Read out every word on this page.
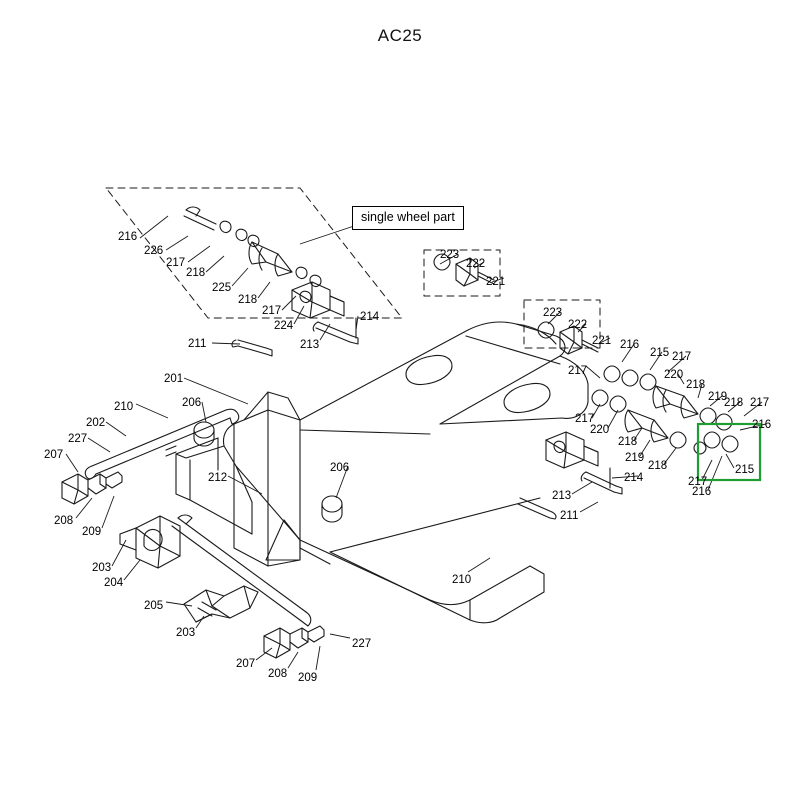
AC25
single wheel part
216
226
217
218
225
218
217
224
213
214
223
222
221
211
201
210	206
202
227
207
208
209
203
204
205
203
206
212
213
211
210
207
208 209
227
223
222
221
217
216
215 217
220
218
219
218 217
216
217
220
218
219
218
214	217
216
215
